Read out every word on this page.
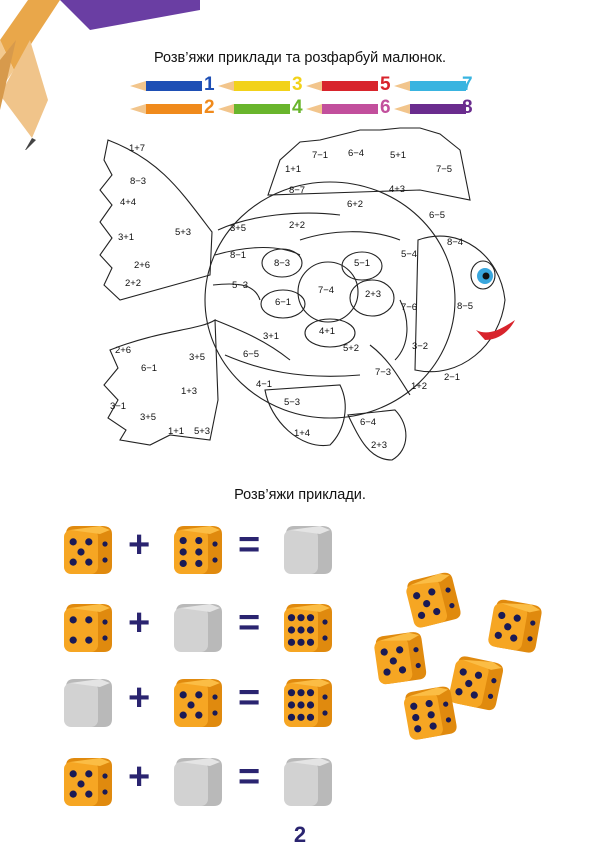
Розв’яжи приклади та розфарбуй малюнок.
1	3	5	7
2	4	6	8
1+7
8−3
4+4
3+1
2+6
2+2
5+3	3+5
8−1
5−3
1+1
7−1 6−4	5+1
7−5
8−7	4+3
6+2
2+2
6−5
8−4
5−4
8−3	5−1
6−1
7−4	2+3
7−6	8−5
4+1
3+1
6−5
5+2	3−2
2+6
6−1
3+5
1+3
3−1
3+5
1+1 5+3
4−1
7−3
1+2
2−1
5−3
6−4
1+4
2+3
Розв’яжи приклади.
+ =
+ =
+ =
+ =
2
